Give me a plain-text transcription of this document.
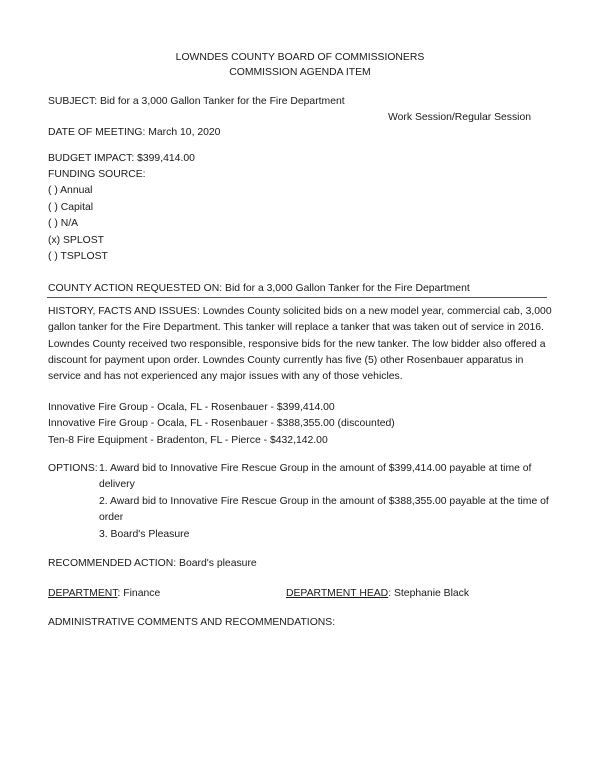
LOWNDES COUNTY BOARD OF COMMISSIONERS
COMMISSION AGENDA ITEM
SUBJECT: Bid for a 3,000 Gallon Tanker for the Fire Department
Work Session/Regular Session
DATE OF MEETING: March 10, 2020
BUDGET IMPACT: $399,414.00
FUNDING SOURCE:
( ) Annual
( ) Capital
( ) N/A
(x) SPLOST
( ) TSPLOST
COUNTY ACTION REQUESTED ON: Bid for a 3,000 Gallon Tanker for the Fire Department
HISTORY, FACTS AND ISSUES: Lowndes County solicited bids on a new model year, commercial cab, 3,000
gallon tanker for the Fire Department. This tanker will replace a tanker that was taken out of service in 2016.
Lowndes County received two responsible, responsive bids for the new tanker. The low bidder also offered a
discount for payment upon order. Lowndes County currently has five (5) other Rosenbauer apparatus in
service and has not experienced any major issues with any of those vehicles.
Innovative Fire Group - Ocala, FL - Rosenbauer - $399,414.00
Innovative Fire Group - Ocala, FL - Rosenbauer - $388,355.00 (discounted)
Ten-8 Fire Equipment - Bradenton, FL - Pierce - $432,142.00
OPTIONS: 1. Award bid to Innovative Fire Rescue Group in the amount of $399,414.00 payable at time of
delivery
2. Award bid to Innovative Fire Rescue Group in the amount of $388,355.00 payable at the time of
order
3. Board's Pleasure
RECOMMENDED ACTION: Board's pleasure
DEPARTMENT: Finance	DEPARTMENT HEAD: Stephanie Black
ADMINISTRATIVE COMMENTS AND RECOMMENDATIONS:
